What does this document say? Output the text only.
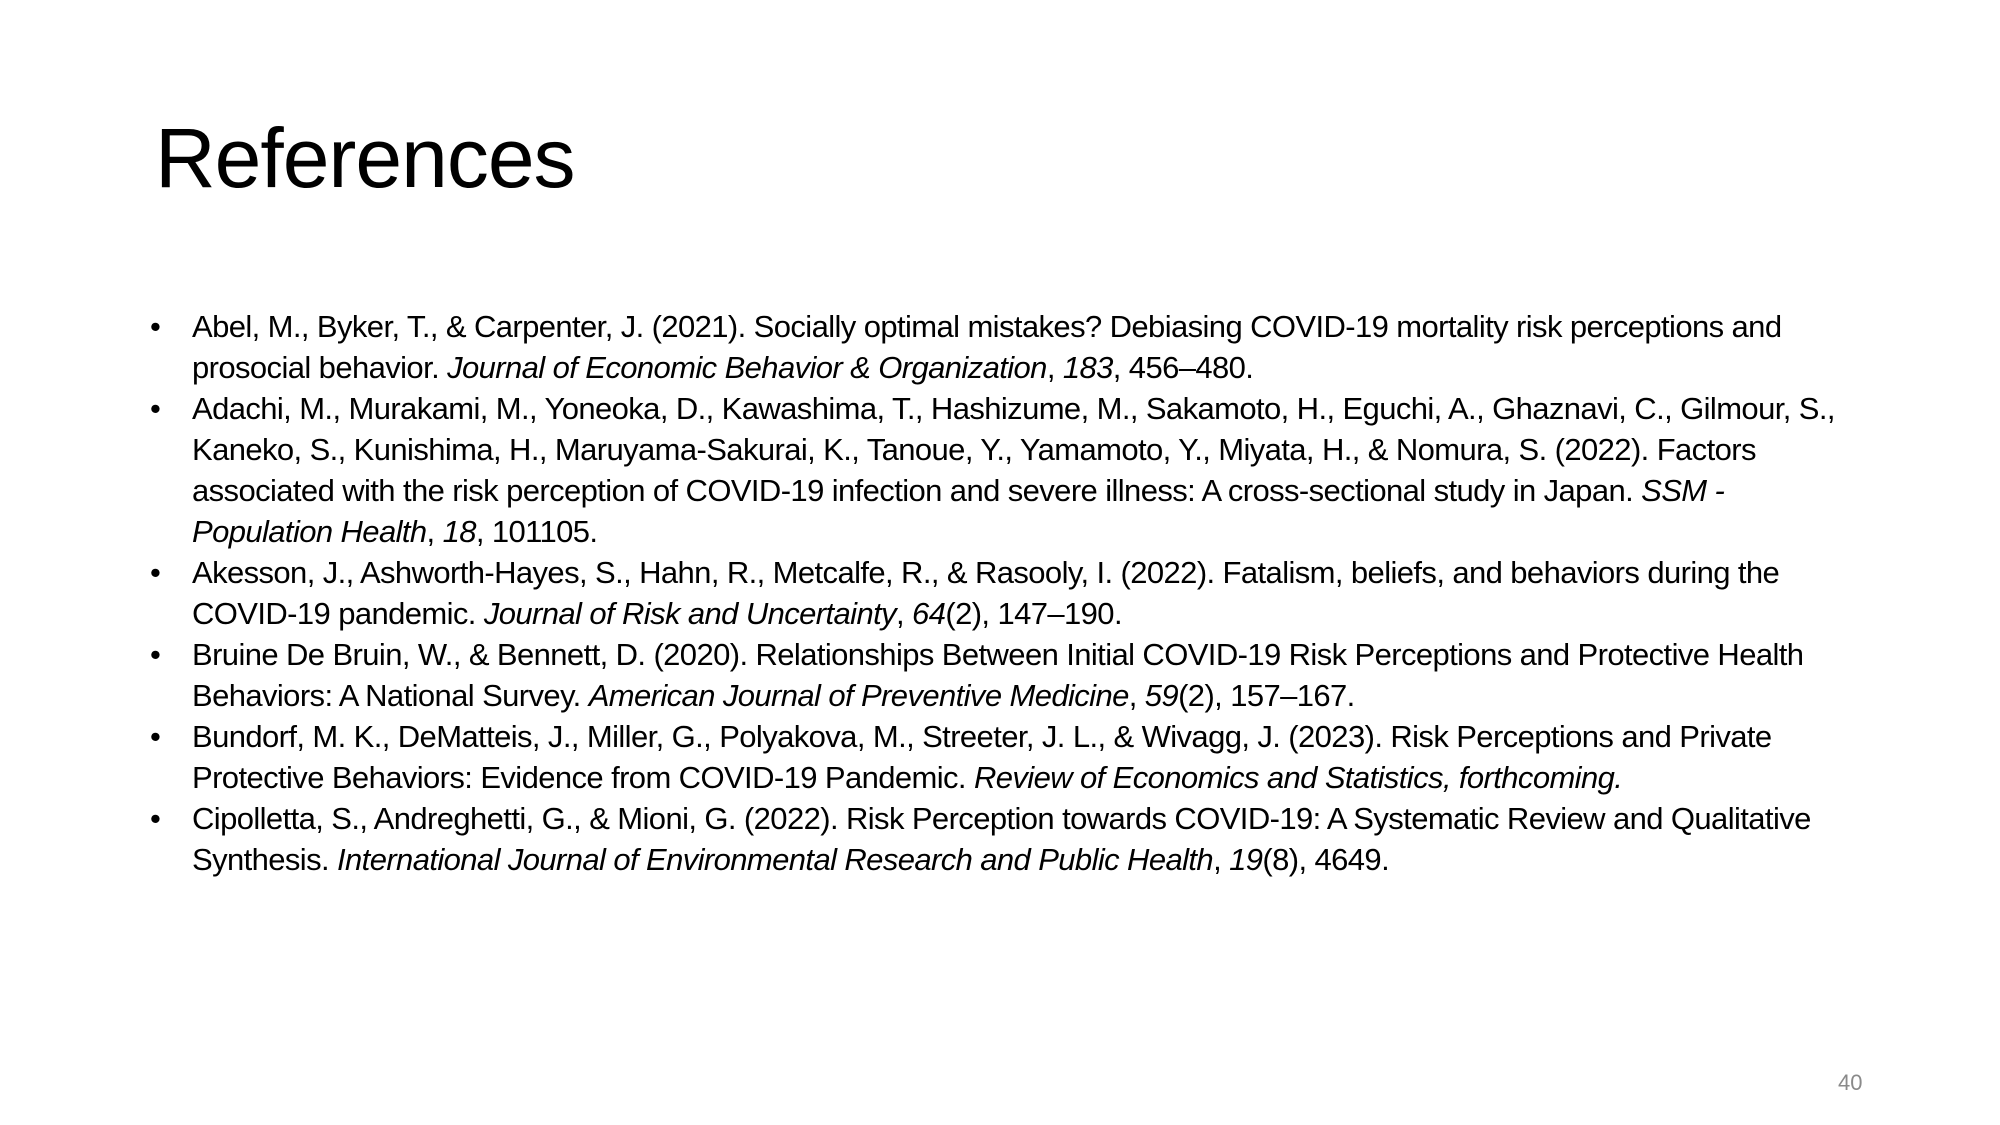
References
•	Abel, M., Byker, T., & Carpenter, J. (2021). Socially optimal mistakes? Debiasing COVID-19 mortality risk perceptions and prosocial behavior. Journal of Economic Behavior & Organization, 183, 456–480.
•	Adachi, M., Murakami, M., Yoneoka, D., Kawashima, T., Hashizume, M., Sakamoto, H., Eguchi, A., Ghaznavi, C., Gilmour, S., Kaneko, S., Kunishima, H., Maruyama-Sakurai, K., Tanoue, Y., Yamamoto, Y., Miyata, H., & Nomura, S. (2022). Factors associated with the risk perception of COVID-19 infection and severe illness: A cross-sectional study in Japan. SSM - Population Health, 18, 101105.
•	Akesson, J., Ashworth-Hayes, S., Hahn, R., Metcalfe, R., & Rasooly, I. (2022). Fatalism, beliefs, and behaviors during the COVID-19 pandemic. Journal of Risk and Uncertainty, 64(2), 147–190.
•	Bruine De Bruin, W., & Bennett, D. (2020). Relationships Between Initial COVID-19 Risk Perceptions and Protective Health Behaviors: A National Survey. American Journal of Preventive Medicine, 59(2), 157–167.
•	Bundorf, M. K., DeMatteis, J., Miller, G., Polyakova, M., Streeter, J. L., & Wivagg, J. (2023). Risk Perceptions and Private Protective Behaviors: Evidence from COVID-19 Pandemic. Review of Economics and Statistics, forthcoming.
•	Cipolletta, S., Andreghetti, G., & Mioni, G. (2022). Risk Perception towards COVID-19: A Systematic Review and Qualitative Synthesis. International Journal of Environmental Research and Public Health, 19(8), 4649.
40
